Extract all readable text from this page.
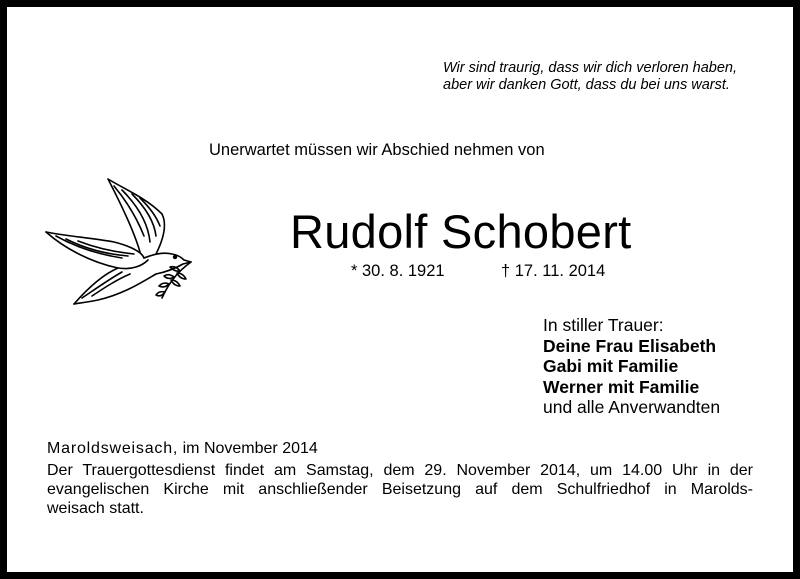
Wir sind traurig, dass wir dich verloren haben,
aber wir danken Gott, dass du bei uns warst.
Unerwartet müssen wir Abschied nehmen von
Rudolf Schobert
* 30. 8. 1921	† 17. 11. 2014
In stiller Trauer:
Deine Frau Elisabeth
Gabi mit Familie
Werner mit Familie
und alle Anverwandten
Maroldsweisach, im November 2014
Der Trauergottesdienst findet am Samstag, dem 29. November 2014, um 14.00 Uhr in der
evangelischen Kirche mit anschließender Beisetzung auf dem Schulfriedhof in Marolds-
weisach statt.
